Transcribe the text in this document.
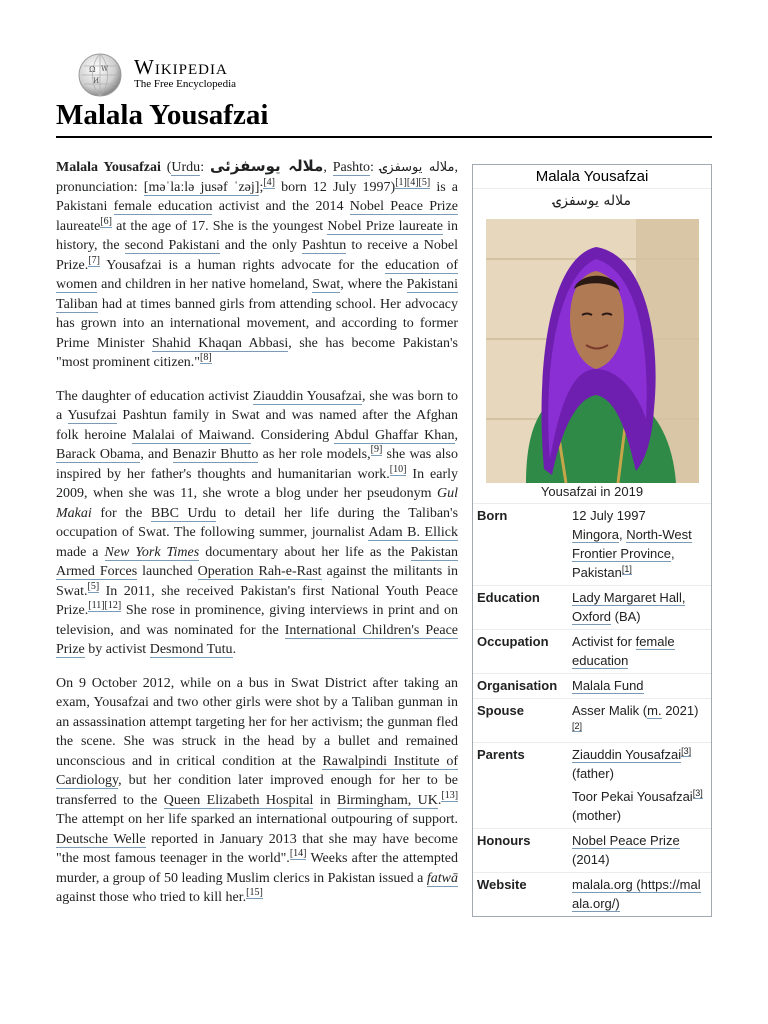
Ω W
И
Wikipedia
The Free Encyclopedia
Malala Yousafzai

Malala Yousafzai (Urdu: ملالہ یوسفزئی, Pashto: ملاله یوسفزۍ, pronunciation: [məˈlaːlə jusəf ˈzəj];[4] born 12 July 1997)[1][4][5] is a Pakistani female education activist and the 2014 Nobel Peace Prize laureate[6] at the age of 17. She is the youngest Nobel Prize laureate in history, the second Pakistani and the only Pashtun to receive a Nobel Prize.[7] Yousafzai is a human rights advocate for the education of women and children in her native homeland, Swat, where the Pakistani Taliban had at times banned girls from attending school. Her advocacy has grown into an international movement, and according to former Prime Minister Shahid Khaqan Abbasi, she has become Pakistan's "most prominent citizen."[8]

The daughter of education activist Ziauddin Yousafzai, she was born to a Yusufzai Pashtun family in Swat and was named after the Afghan folk heroine Malalai of Maiwand. Considering Abdul Ghaffar Khan, Barack Obama, and Benazir Bhutto as her role models,[9] she was also inspired by her father's thoughts and humanitarian work.[10] In early 2009, when she was 11, she wrote a blog under her pseudonym Gul Makai for the BBC Urdu to detail her life during the Taliban's occupation of Swat. The following summer, journalist Adam B. Ellick made a New York Times documentary about her life as the Pakistan Armed Forces launched Operation Rah-e-Rast against the militants in Swat.[5] In 2011, she received Pakistan's first National Youth Peace Prize.[11][12] She rose in prominence, giving interviews in print and on television, and was nominated for the International Children's Peace Prize by activist Desmond Tutu.

On 9 October 2012, while on a bus in Swat District after taking an exam, Yousafzai and two other girls were shot by a Taliban gunman in an assassination attempt targeting her for her activism; the gunman fled the scene. She was struck in the head by a bullet and remained unconscious and in critical condition at the Rawalpindi Institute of Cardiology, but her condition later improved enough for her to be transferred to the Queen Elizabeth Hospital in Birmingham, UK.[13] The attempt on her life sparked an international outpouring of support. Deutsche Welle reported in January 2013 that she may have become "the most famous teenager in the world".[14] Weeks after the attempted murder, a group of 50 leading Muslim clerics in Pakistan issued a fatwā against those who tried to kill her.[15]

Malala Yousafzai
ملاله یوسفزۍ
Yousafzai in 2019
Born	12 July 1997
Mingora, North-West Frontier Province,
Pakistan[1]
Education	Lady Margaret Hall, Oxford (BA)
Occupation	Activist for female education
Organisation	Malala Fund
Spouse	Asser Malik (m. 2021)
[2]
Parents	Ziauddin Yousafzai[3] (father)
Toor Pekai Yousafzai[3] (mother)
Honours	Nobel Peace Prize
(2014)
Website	malala.org (https://malala.org/)
